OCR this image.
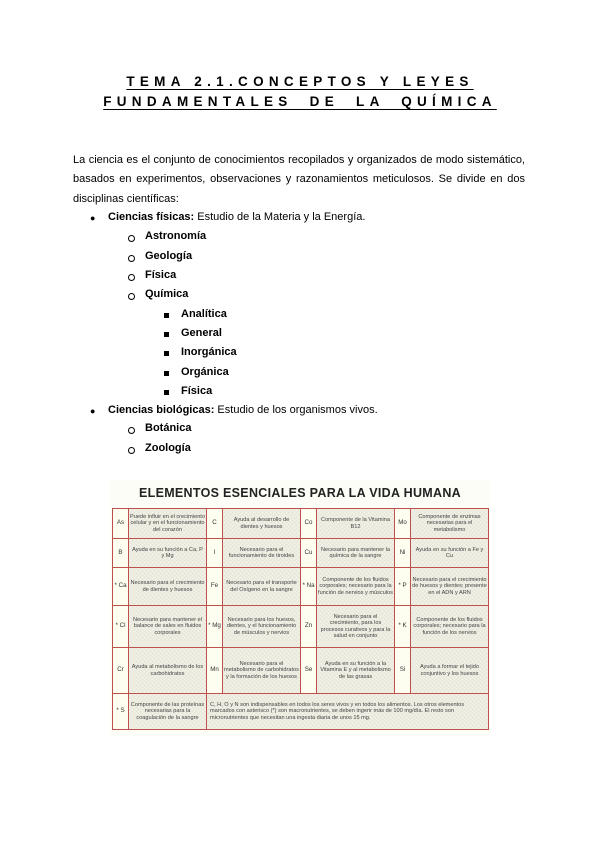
TEMA 2.1.CONCEPTOS Y LEYES
FUNDAMENTALES DE LA QUÍMICA
La ciencia es el conjunto de conocimientos recopilados y organizados de modo sistemático, basados en experimentos, observaciones y razonamientos meticulosos. Se divide en dos disciplinas científicas:
● Ciencias físicas: Estudio de la Materia y la Energía.
Astronomía
Geología
Física
Química
Analítica
General
Inorgánica
Orgánica
Física
● Ciencias biológicas: Estudio de los organismos vivos.
Botánica
Zoología
ELEMENTOS ESENCIALES PARA LA VIDA HUMANA
As	Puede influir en el crecimiento celular y en el funcionamiento del corazón	C	Ayuda al desarrollo de dientes y huesos	Co	Componente de la Vitamina B12	Mo	Componente de enzimas necesarias para el metabolismo
B	Ayuda en su función a Ca, P y Mg	I	Necesario para el funcionamiento de tiroides	Cu	Necesario para mantener la química de la sangre	Ni	Ayuda en su función a Fe y Cu
* Ca	Necesario para el crecimiento de dientes y huesos	Fe	Necesario para el transporte del Oxígeno en la sangre	* Na	Componente de los fluidos corporales; necesario para la función de nervios y músculos	* P	Necesario para el crecimiento de huesos y dientes; presente en el ADN y ARN
* Cl	Necesario para mantener el balance de sales en fluidos corporales	* Mg	Necesario para los huesos, dientes, y el funcionamiento de músculos y nervios	Zn	Necesario para el crecimiento, para los procesos curativos y para la salud en conjunto	* K	Componente de los fluidos corporales; necesario para la función de los nervios
Cr	Ayuda al metabolismo de los carbohidratos	Mn	Necesario para el metabolismo de carbohidratos y la formación de los huesos	Se	Ayuda en su función a la Vitamina E y al metabolismo de las grasas	Si	Ayuda a formar el tejido conjuntivo y los huesos
* S	Componente de las proteínas necesarias para la coagulación de la sangre	C, H, O y N son indispensables en todos los seres vivos y en todos los alimentos. Los otros elementos marcados con asterisco (*) son macronutrientes, se deben ingerir más de 100 mg/día. El resto son micronutrientes que necesitan una ingesta diaria de unos 15 mg.					
